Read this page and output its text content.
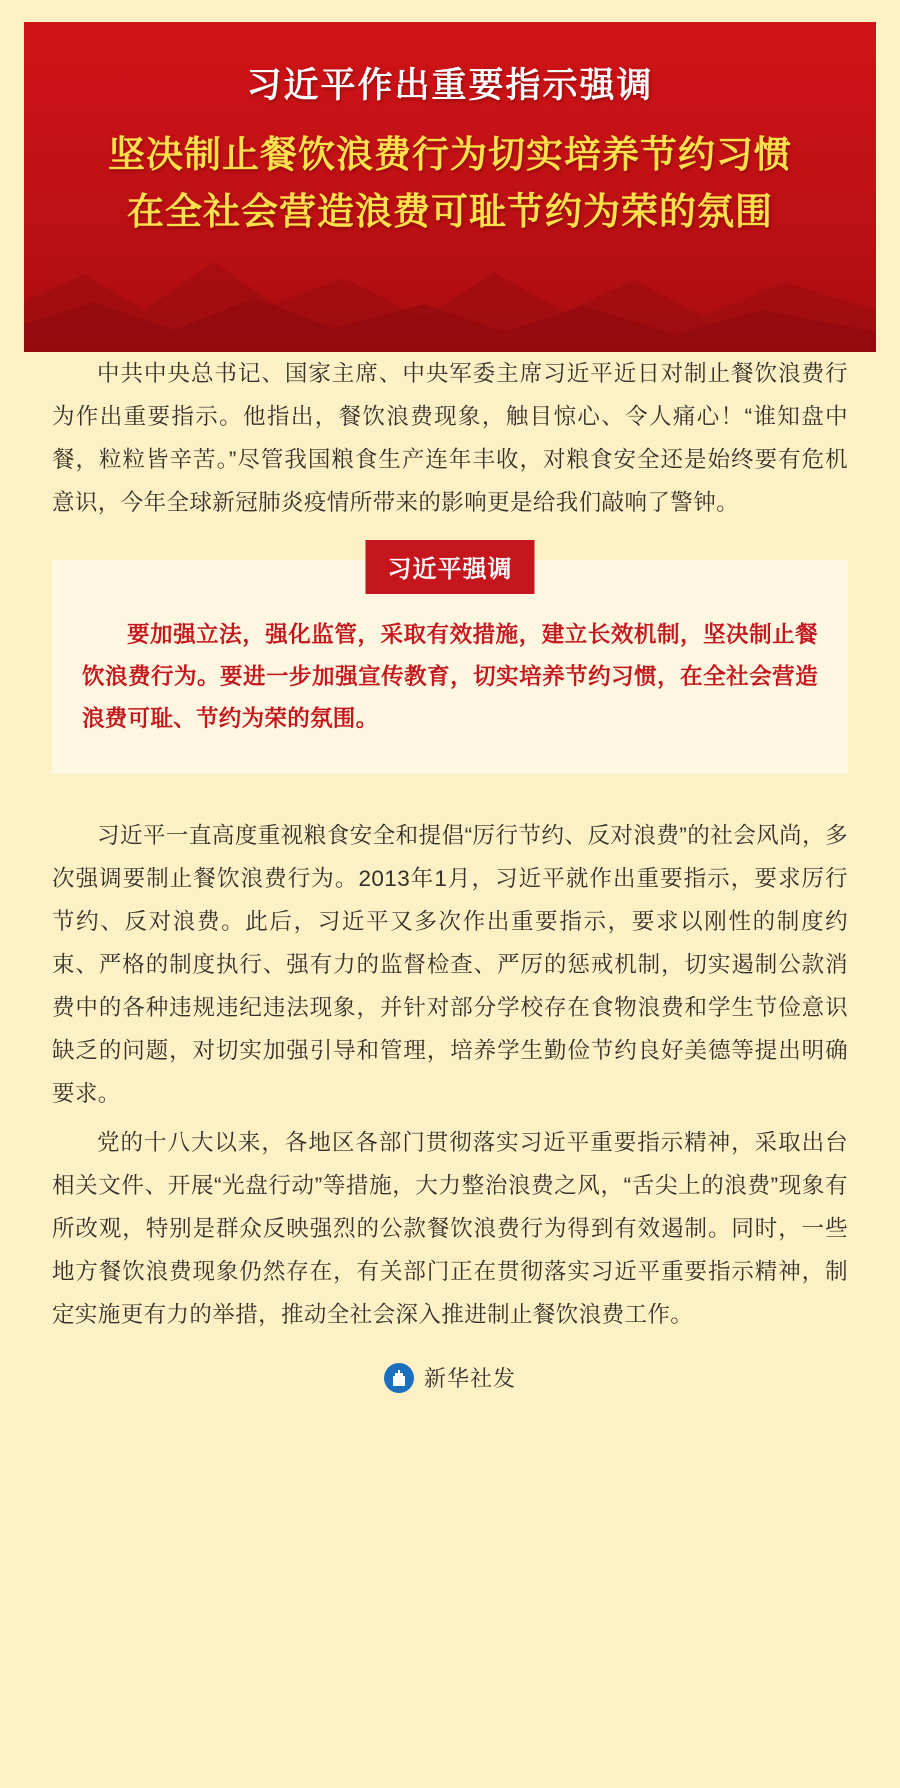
习近平作出重要指示强调
坚决制止餐饮浪费行为切实培养节约习惯
在全社会营造浪费可耻节约为荣的氛围

中共中央总书记、国家主席、中央军委主席习近平近日对制止餐饮浪费行为作出重要指示。他指出，餐饮浪费现象，触目惊心、令人痛心！“谁知盘中餐，粒粒皆辛苦。”尽管我国粮食生产连年丰收，对粮食安全还是始终要有危机意识，今年全球新冠肺炎疫情所带来的影响更是给我们敲响了警钟。

习近平强调

要加强立法，强化监管，采取有效措施，建立长效机制，坚决制止餐饮浪费行为。要进一步加强宣传教育，切实培养节约习惯，在全社会营造浪费可耻、节约为荣的氛围。

习近平一直高度重视粮食安全和提倡“厉行节约、反对浪费”的社会风尚，多次强调要制止餐饮浪费行为。2013年1月，习近平就作出重要指示，要求厉行节约、反对浪费。此后，习近平又多次作出重要指示，要求以刚性的制度约束、严格的制度执行、强有力的监督检查、严厉的惩戒机制，切实遏制公款消费中的各种违规违纪违法现象，并针对部分学校存在食物浪费和学生节俭意识缺乏的问题，对切实加强引导和管理，培养学生勤俭节约良好美德等提出明确要求。

党的十八大以来，各地区各部门贯彻落实习近平重要指示精神，采取出台相关文件、开展“光盘行动”等措施，大力整治浪费之风，“舌尖上的浪费”现象有所改观，特别是群众反映强烈的公款餐饮浪费行为得到有效遏制。同时，一些地方餐饮浪费现象仍然存在，有关部门正在贯彻落实习近平重要指示精神，制定实施更有力的举措，推动全社会深入推进制止餐饮浪费工作。

新华社发
